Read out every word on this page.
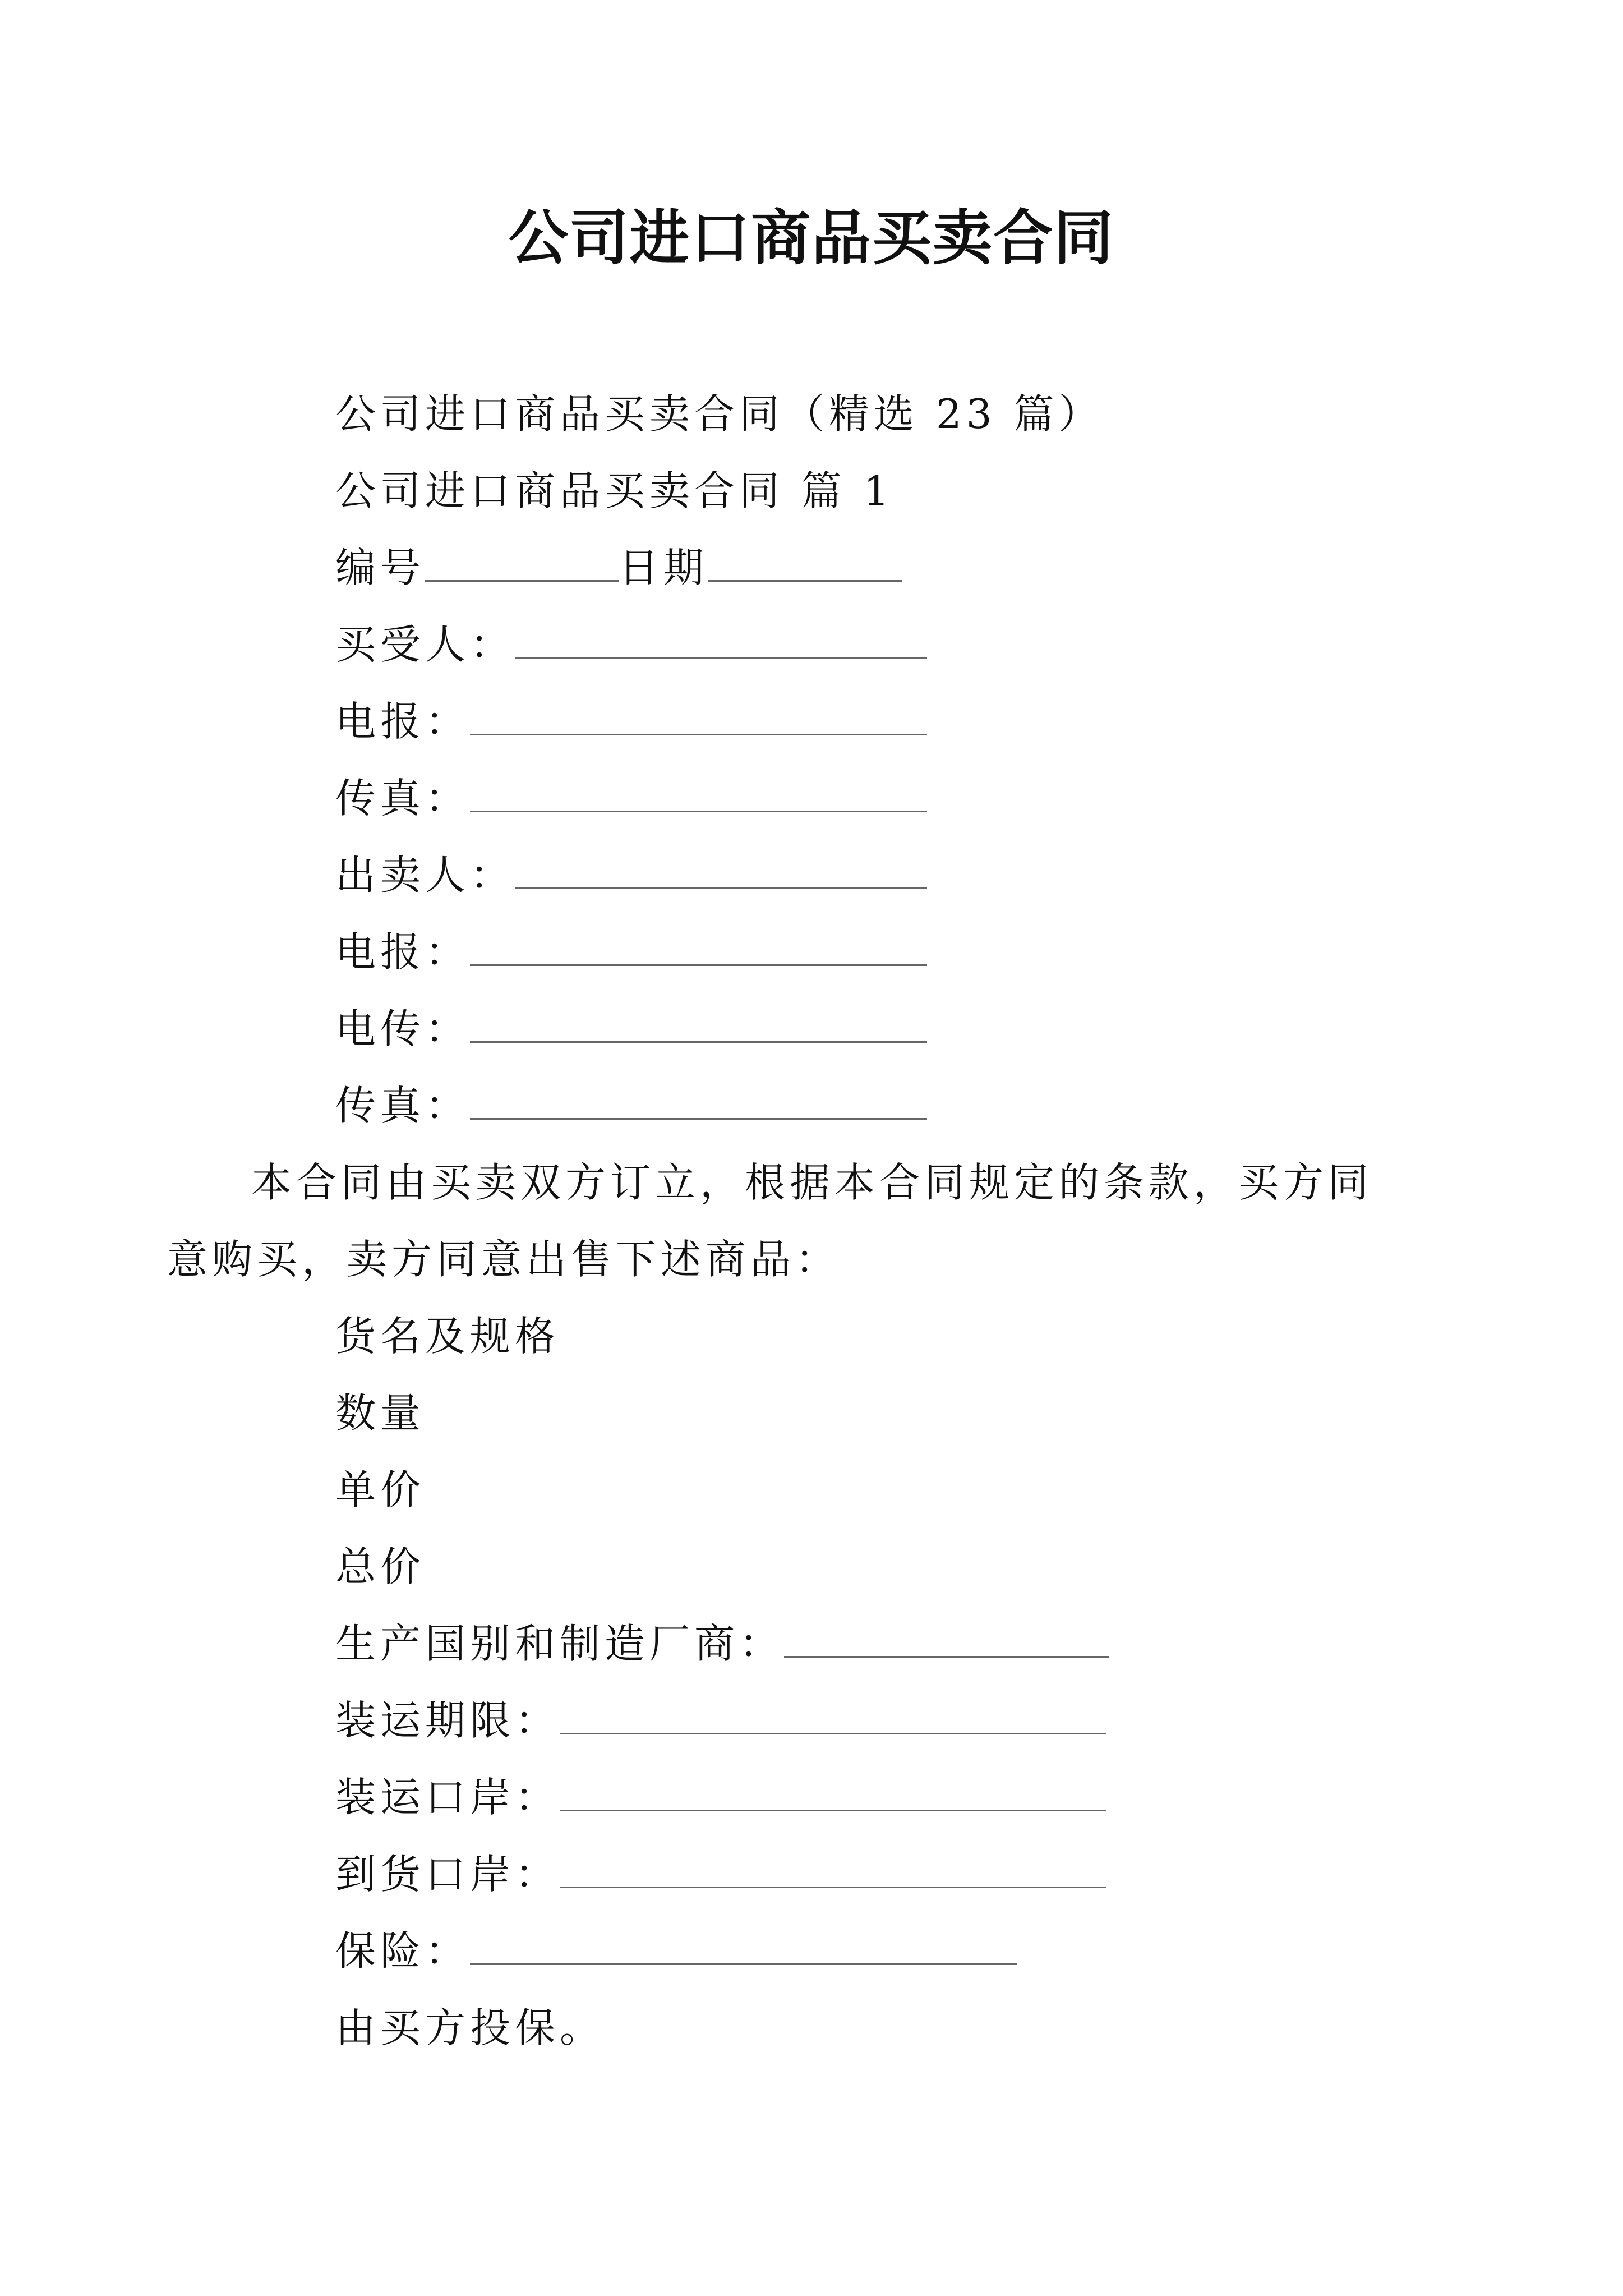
公司进口商品买卖合同
公司进口商品买卖合同（精选 23 篇）
公司进口商品买卖合同 篇 1
编号	日期
买受人：
电报：
传真：
出卖人：
电报：
电传：
传真：
本合同由买卖双方订立，根据本合同规定的条款，买方同意购买，卖方同意出售下述商品：
货名及规格
数量
单价
总价
生产国别和制造厂商：
装运期限：
装运口岸：
到货口岸：
保险：
由买方投保。
